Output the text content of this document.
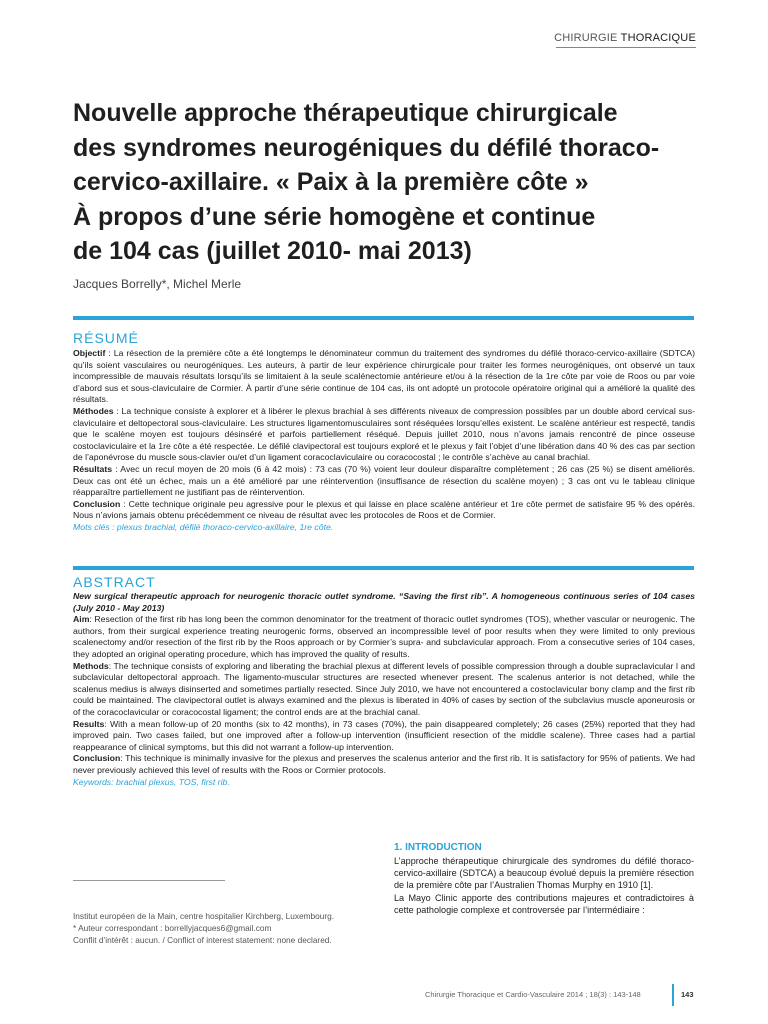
CHIRURGIE THORACIQUE
Nouvelle approche thérapeutique chirurgicale
des syndromes neurogéniques du défilé thoraco-
cervico-axillaire. « Paix à la première côte »
À propos d’une série homogène et continue
de 104 cas (juillet 2010- mai 2013)
Jacques Borrelly*, Michel Merle
RÉSUMÉ

Objectif : La résection de la première côte a été longtemps le dénominateur commun du traitement des syndromes du défilé thoraco-cervico-axillaire (SDTCA) qu’ils soient vasculaires ou neurogéniques. Les auteurs, à partir de leur expérience chirurgicale pour traiter les formes neurogéniques, ont observé un taux incompressible de mauvais résultats lorsqu’ils se limitaient à la seule scalénectomie antérieure et/ou à la résection de la 1re côte par voie de Roos ou par voie d’abord sus et sous-claviculaire de Cormier. À partir d’une série continue de 104 cas, ils ont adopté un protocole opératoire original qui a amélioré la qualité des résultats.

Méthodes : La technique consiste à explorer et à libérer le plexus brachial à ses différents niveaux de compression possibles par un double abord cervical sus-claviculaire et deltopectoral sous-claviculaire. Les structures ligamentomusculaires sont réséquées lorsqu’elles existent. Le scalène antérieur est respecté, tandis que le scalène moyen est toujours désinséré et parfois partiellement réséqué. Depuis juillet 2010, nous n’avons jamais rencontré de pince osseuse costoclaviculaire et la 1re côte a été respectée. Le défilé clavipectoral est toujours exploré et le plexus y fait l’objet d’une libération dans 40 % des cas par section de l’aponévrose du muscle sous-clavier ou/et d’un ligament coracoclaviculaire ou coracocostal ; le contrôle s’achève au canal brachial.

Résultats : Avec un recul moyen de 20 mois (6 à 42 mois) : 73 cas (70 %) voient leur douleur disparaître complètement ; 26 cas (25 %) se disent améliorés. Deux cas ont été un échec, mais un a été amélioré par une réintervention (insuffisance de résection du scalène moyen) ; 3 cas ont vu le tableau clinique réapparaître partiellement ne justifiant pas de réintervention.

Conclusion : Cette technique originale peu agressive pour le plexus et qui laisse en place scalène antérieur et 1re côte permet de satisfaire 95 % des opérés. Nous n’avions jamais obtenu précédemment ce niveau de résultat avec les protocoles de Roos et de Cormier.

Mots clés : plexus brachial, défilé thoraco-cervico-axillaire, 1re côte.

ABSTRACT

New surgical therapeutic approach for neurogenic thoracic outlet syndrome. “Saving the first rib”. A homogeneous continuous series of 104 cases (July 2010 - May 2013)

Aim: Resection of the first rib has long been the common denominator for the treatment of thoracic outlet syndromes (TOS), whether vascular or neurogenic. The authors, from their surgical experience treating neurogenic forms, observed an incompressible level of poor results when they were limited to only previous scalenectomy and/or resection of the first rib by the Roos approach or by Cormier’s supra- and subclavicular approach. From a consecutive series of 104 cases, they adopted an original operating procedure, which has improved the quality of results.

Methods: The technique consists of exploring and liberating the brachial plexus at different levels of possible compression through a double supraclavicular l and subclavicular deltopectoral approach. The ligamento-muscular structures are resected whenever present. The scalenus anterior is not detached, while the scalenus medius is always disinserted and sometimes partially resected. Since July 2010, we have not encountered a costoclavicular bony clamp and the first rib could be maintained. The clavipectoral outlet is always examined and the plexus is liberated in 40% of cases by section of the subclavius muscle aponeurosis or of the coracoclavicular or coracocostal ligament; the control ends are at the brachial canal.

Results: With a mean follow-up of 20 months (six to 42 months), in 73 cases (70%), the pain disappeared completely; 26 cases (25%) reported that they had improved pain. Two cases failed, but one improved after a follow-up intervention (insufficient resection of the middle scalene). Three cases had a partial reappearance of clinical symptoms, but this did not warrant a follow-up intervention.

Conclusion: This technique is minimally invasive for the plexus and preserves the scalenus anterior and the first rib. It is satisfactory for 95% of patients. We had never previously achieved this level of results with the Roos or Cormier protocols.

Keywords: brachial plexus, TOS, first rib.

Institut européen de la Main, centre hospitalier Kirchberg, Luxembourg.

* Auteur correspondant : borrellyjacques6@gmail.com

Conflit d’intérêt : aucun. / Conflict of interest statement: none declared.

1. INTRODUCTION

L’approche thérapeutique chirurgicale des syndromes du défilé thoraco-cervico-axillaire (SDTCA) a beaucoup évolué depuis la première résection de la première côte par l’Australien Thomas Murphy en 1910 [1].

La Mayo Clinic apporte des contributions majeures et contradictoires à cette pathologie complexe et controversée par l’intermédiaire :

Chirurgie Thoracique et Cardio-Vasculaire 2014 ; 18(3) : 143-148	143
